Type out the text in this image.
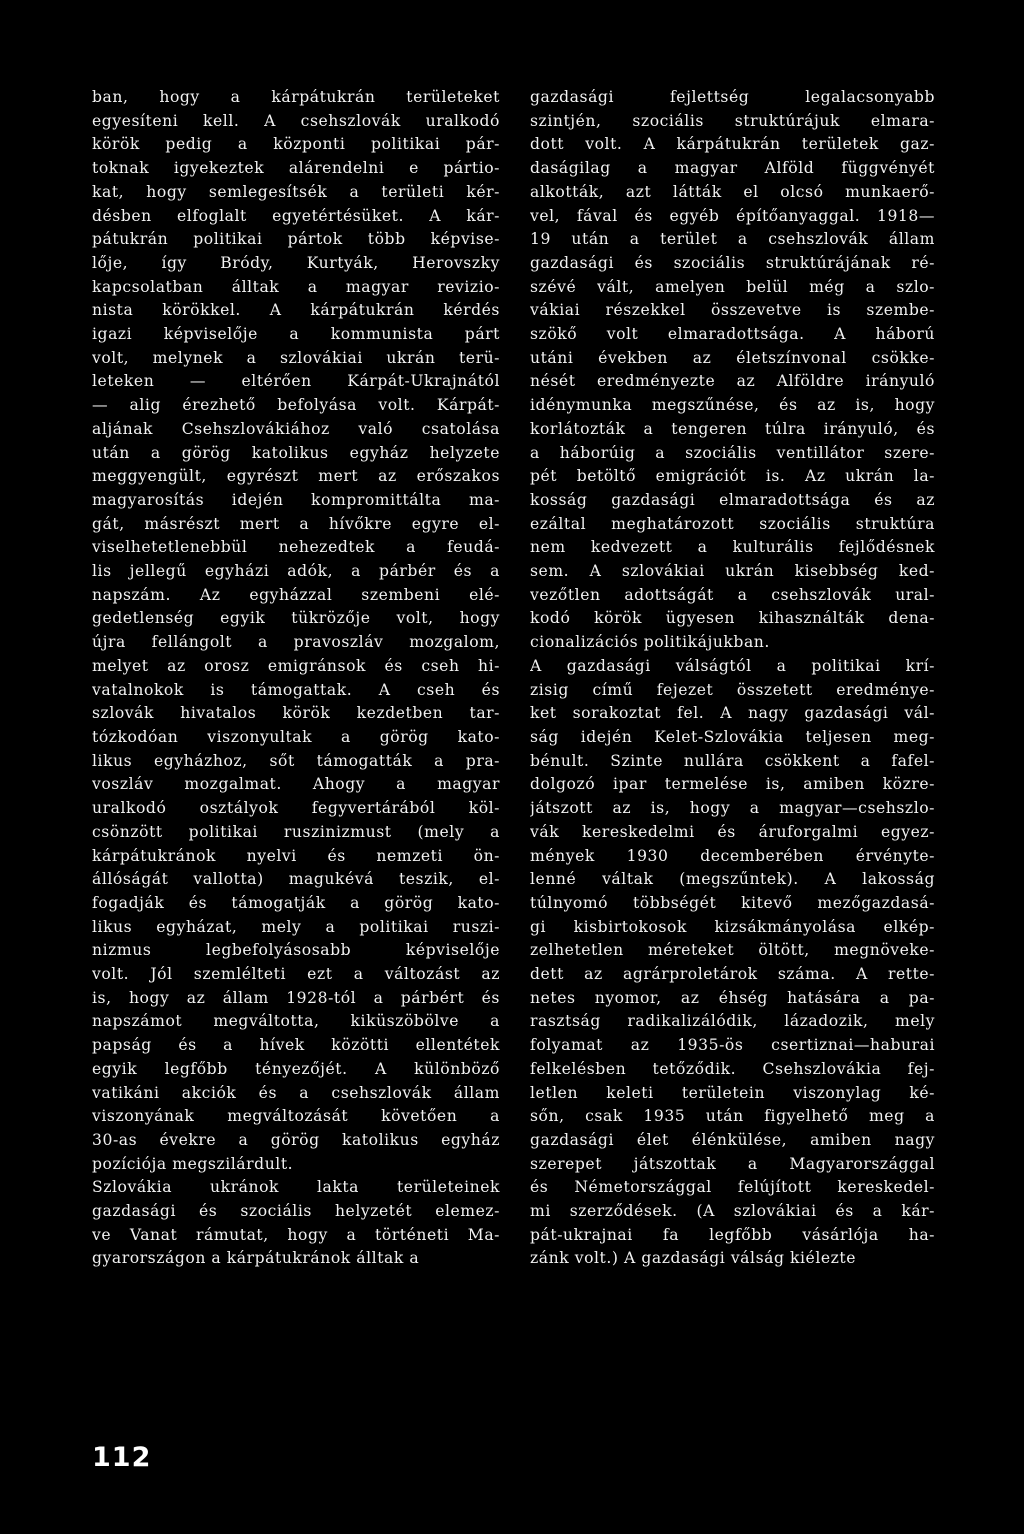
ban, hogy a kárpátukrán területeket
egyesíteni kell. A csehszlovák uralkodó
körök pedig a központi politikai pár-
toknak igyekeztek alárendelni e pártio-
kat, hogy semlegesítsék a területi kér-
désben elfoglalt egyetértésüket. A kár-
pátukrán politikai pártok több képvise-
lője, így Bródy, Kurtyák, Herovszky
kapcsolatban álltak a magyar revizio-
nista körökkel. A kárpátukrán kérdés
igazi képviselője a kommunista párt
volt, melynek a szlovákiai ukrán terü-
leteken — eltérően Kárpát-Ukrajnától
— alig érezhető befolyása volt. Kárpát-
aljának Csehszlovákiához való csatolása
után a görög katolikus egyház helyzete
meggyengült, egyrészt mert az erőszakos
magyarosítás idején kompromittálta ma-
gát, másrészt mert a hívőkre egyre el-
viselhetetlenebbül nehezedtek a feudá-
lis jellegű egyházi adók, a párbér és a
napszám. Az egyházzal szembeni elé-
gedetlenség egyik tükrözője volt, hogy
újra fellángolt a pravoszláv mozgalom,
melyet az orosz emigránsok és cseh hi-
vatalnokok is támogattak. A cseh és
szlovák hivatalos körök kezdetben tar-
tózkodóan viszonyultak a görög kato-
likus egyházhoz, sőt támogatták a pra-
voszláv mozgalmat. Ahogy a magyar
uralkodó osztályok fegyvertárából köl-
csönzött politikai ruszinizmust (mely a
kárpátukránok nyelvi és nemzeti ön-
állóságát vallotta) magukévá teszik, el-
fogadják és támogatják a görög kato-
likus egyházat, mely a politikai ruszi-
nizmus legbefolyásosabb képviselője
volt. Jól szemlélteti ezt a változást az
is, hogy az állam 1928-tól a párbért és
napszámot megváltotta, kiküszöbölve a
papság és a hívek közötti ellentétek
egyik legfőbb tényezőjét. A különböző
vatikáni akciók és a csehszlovák állam
viszonyának megváltozását követően a
30-as évekre a görög katolikus egyház
pozíciója megszilárdult.
Szlovákia ukránok lakta területeinek
gazdasági és szociális helyzetét elemez-
ve Vanat rámutat, hogy a történeti Ma-
gyarországon a kárpátukránok álltak a
gazdasági fejlettség legalacsonyabb
szintjén, szociális struktúrájuk elmara-
dott volt. A kárpátukrán területek gaz-
daságilag a magyar Alföld függvényét
alkották, azt látták el olcsó munkaerő-
vel, fával és egyéb építőanyaggal. 1918—
19 után a terület a csehszlovák állam
gazdasági és szociális struktúrájának ré-
szévé vált, amelyen belül még a szlo-
vákiai részekkel összevetve is szembe-
szökő volt elmaradottsága. A háború
utáni években az életszínvonal csökke-
nését eredményezte az Alföldre irányuló
idénymunka megszűnése, és az is, hogy
korlátozták a tengeren túlra irányuló, és
a háborúig a szociális ventillátor szere-
pét betöltő emigrációt is. Az ukrán la-
kosság gazdasági elmaradottsága és az
ezáltal meghatározott szociális struktúra
nem kedvezett a kulturális fejlődésnek
sem. A szlovákiai ukrán kisebbség ked-
vezőtlen adottságát a csehszlovák ural-
kodó körök ügyesen kihasználták dena-
cionalizációs politikájukban.
A gazdasági válságtól a politikai krí-
zisig című fejezet összetett eredménye-
ket sorakoztat fel. A nagy gazdasági vál-
ság idején Kelet-Szlovákia teljesen meg-
bénult. Szinte nullára csökkent a fafel-
dolgozó ipar termelése is, amiben közre-
játszott az is, hogy a magyar—csehszlo-
vák kereskedelmi és áruforgalmi egyez-
mények 1930 decemberében érvényte-
lenné váltak (megszűntek). A lakosság
túlnyomó többségét kitevő mezőgazdasá-
gi kisbirtokosok kizsákmányolása elkép-
zelhetetlen méreteket öltött, megnöveke-
dett az agrárproletárok száma. A rette-
netes nyomor, az éhség hatására a pa-
rasztság radikalizálódik, lázadozik, mely
folyamat az 1935-ös csertiznai—haburai
felkelésben tetőződik. Csehszlovákia fej-
letlen keleti területein viszonylag ké-
sőn, csak 1935 után figyelhető meg a
gazdasági élet élénkülése, amiben nagy
szerepet játszottak a Magyarországgal
és Németországgal felújított kereskedel-
mi szerződések. (A szlovákiai és a kár-
pát-ukrajnai fa legfőbb vásárlója ha-
zánk volt.) A gazdasági válság kiélezte
112
